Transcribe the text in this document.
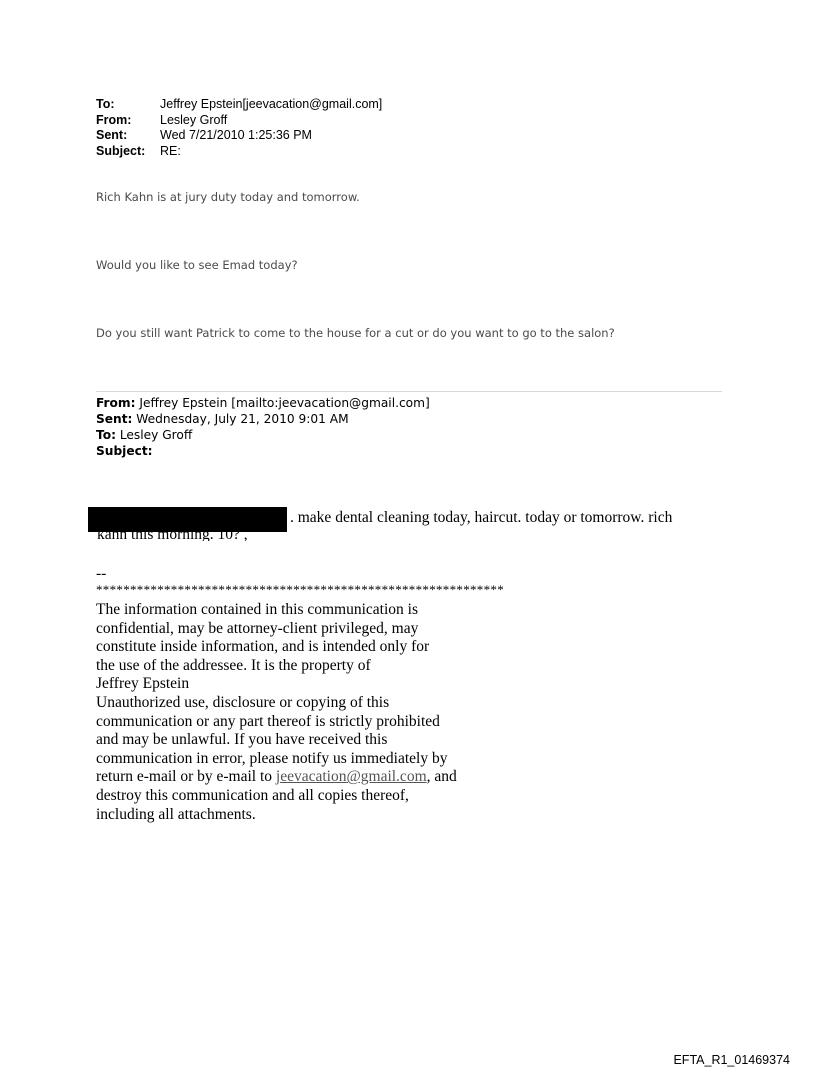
To:	Jeffrey Epstein[jeevacation@gmail.com]
From:	Lesley Groff
Sent:	Wed 7/21/2010 1:25:36 PM
Subject:	RE:
Rich Kahn is at jury duty today and tomorrow.
Would you like to see Emad today?
Do you still want Patrick to come to the house for a cut or do you want to go to the salon?
From: Jeffrey Epstein [mailto:jeevacation@gmail.com]
Sent: Wednesday, July 21, 2010 9:01 AM
To: Lesley Groff
Subject:
. make dental cleaning today, haircut. today or tomorrow. rich
kahn this morning. 10? ,
--
************************************************************
The information contained in this communication is
confidential, may be attorney-client privileged, may
constitute inside information, and is intended only for
the use of the addressee. It is the property of
Jeffrey Epstein
Unauthorized use, disclosure or copying of this
communication or any part thereof is strictly prohibited
and may be unlawful. If you have received this
communication in error, please notify us immediately by
return e-mail or by e-mail to jeevacation@gmail.com, and
destroy this communication and all copies thereof,
including all attachments.
EFTA_R1_01469374
